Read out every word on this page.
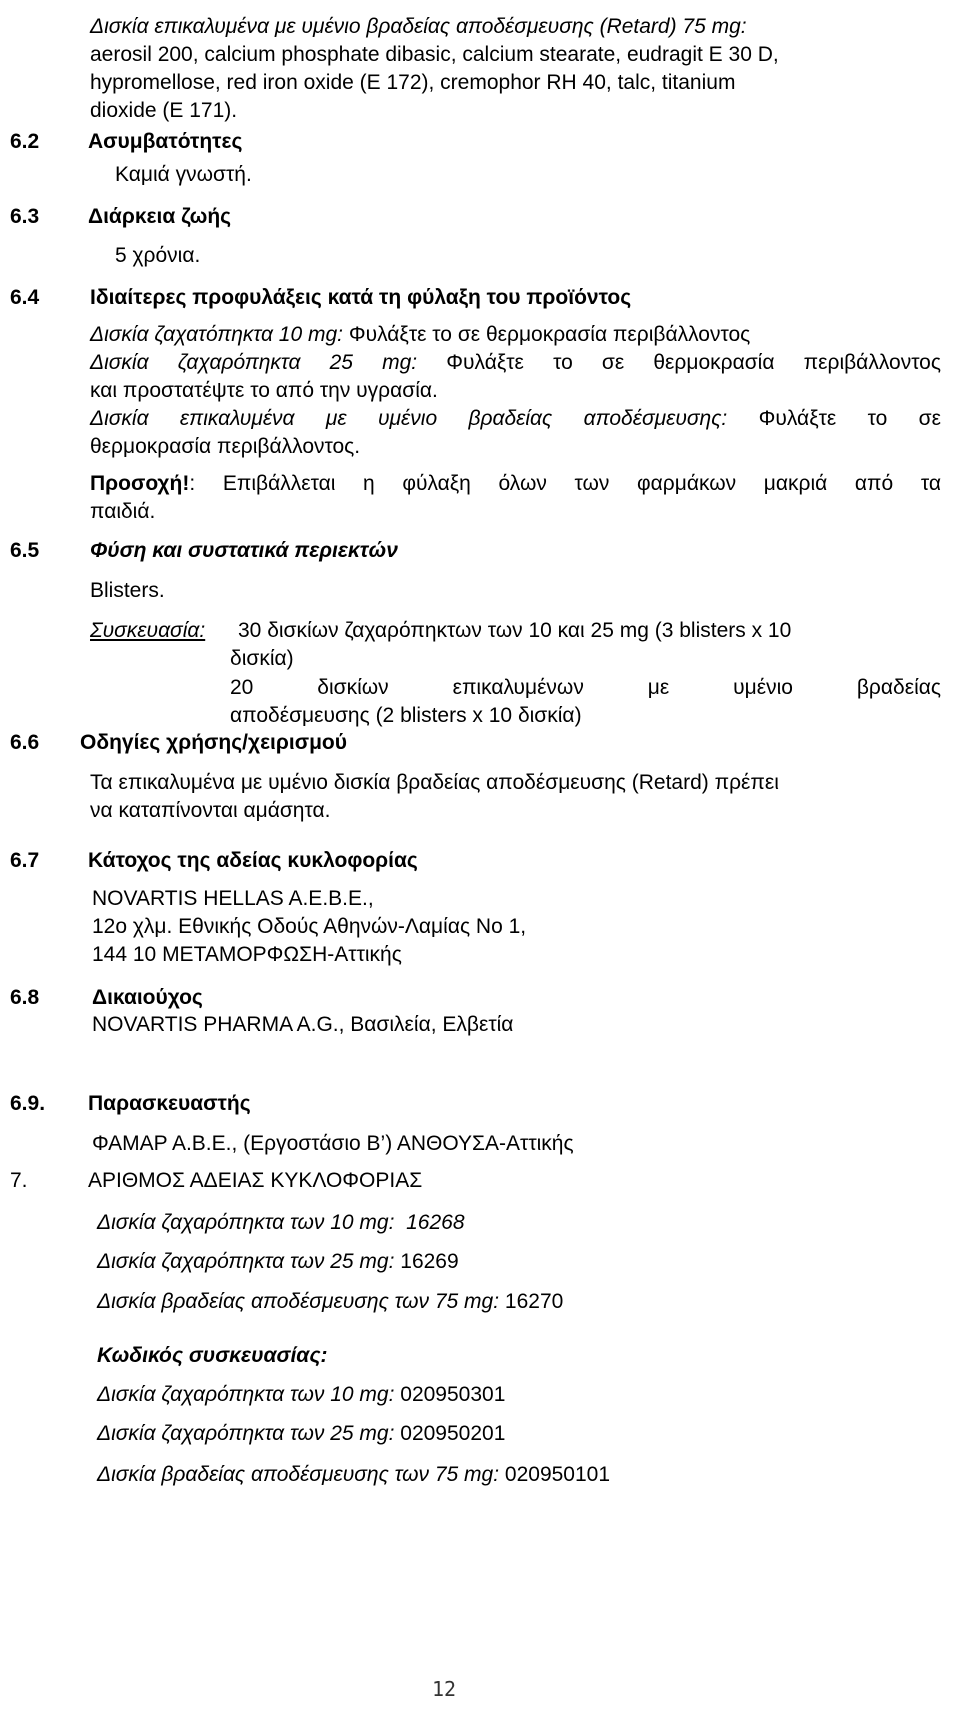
Δισκία επικαλυμένα με υμένιο βραδείας αποδέσμευσης (Retard) 75 mg:
aerosil 200, calcium phosphate dibasic, calcium stearate, eudragit E 30 D,
hypromellose, red iron oxide (E 172), cremophor RH 40, talc, titanium
dioxide (E 171).
6.2 Ασυμβατότητες
Καμιά γνωστή.
6.3 Διάρκεια ζωής
5 χρόνια.
6.4 Ιδιαίτερες προφυλάξεις κατά τη φύλαξη του προϊόντος
Δισκία ζαχατόπηκτα 10 mg: Φυλάξτε το σε θερμοκρασία περιβάλλοντος
Δισκία ζαχαρόπηκτα 25 mg: Φυλάξτε το σε θερμοκρασία περιβάλλοντος
και προστατέψτε το από την υγρασία.
Δισκία επικαλυμένα με υμένιο βραδείας αποδέσμευσης: Φυλάξτε το σε
θερμοκρασία περιβάλλοντος.
Προσοχή!: Επιβάλλεται η φύλαξη όλων των φαρμάκων μακριά από τα
παιδιά.
6.5 Φύση και συστατικά περιεκτών
Blisters.
Συσκευασία: 30 δισκίων ζαχαρόπηκτων των 10 και 25 mg (3 blisters x 10
δισκία)
20 δισκίων επικαλυμένων με υμένιο βραδείας
αποδέσμευσης (2 blisters x 10 δισκία)
6.6 Οδηγίες χρήσης/χειρισμού
Τα επικαλυμένα με υμένιο δισκία βραδείας αποδέσμευσης (Retard) πρέπει
να καταπίνονται αμάσητα.
6.7 Κάτοχος της αδείας κυκλοφορίας
NOVARTIS HELLAS A.E.B.E.,
12ο χλμ. Εθνικής Οδούς Αθηνών-Λαμίας Νο 1,
144 10 ΜΕΤΑΜΟΡΦΩΣΗ-Αττικής
6.8	Δικαιούχος
NOVARTIS PHARMA A.G., Βασιλεία, Ελβετία
6.9. Παρασκευαστής
ΦΑΜΑΡ Α.Β.Ε., (Εργοστάσιο Β’) ΑΝΘΟΥΣΑ-Αττικής
7.	ΑΡΙΘΜΟΣ ΑΔΕΙΑΣ ΚΥΚΛΟΦΟΡΙΑΣ
Δισκία ζαχαρόπηκτα των 10 mg:  16268
Δισκία ζαχαρόπηκτα των 25 mg: 16269
Δισκία βραδείας αποδέσμευσης των 75 mg: 16270
Κωδικός συσκευασίας:
Δισκία ζαχαρόπηκτα των 10 mg: 020950301
Δισκία ζαχαρόπηκτα των 25 mg: 020950201
Δισκία βραδείας αποδέσμευσης των 75 mg: 020950101
12
